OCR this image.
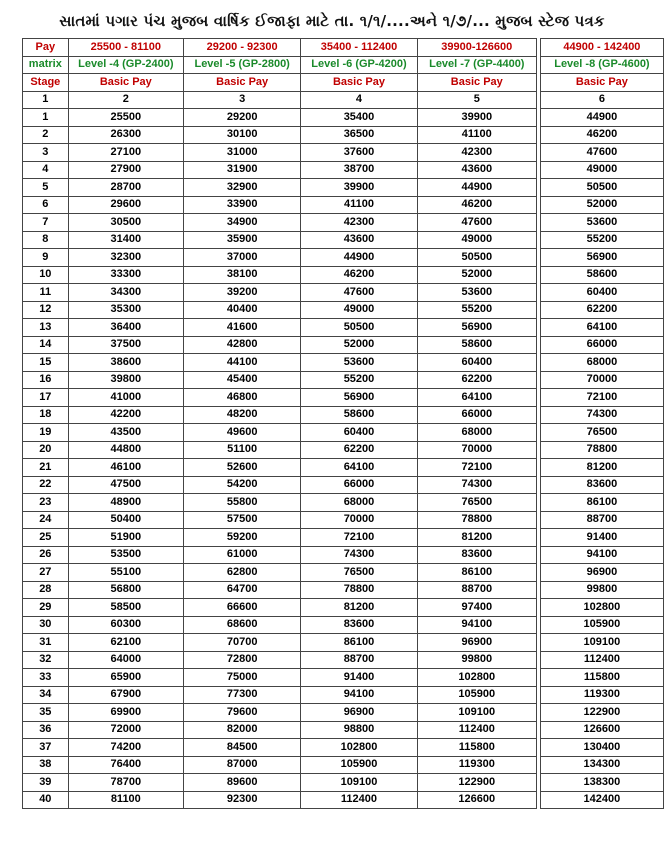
સાતમાં પગાર પંચ મુજબ વાર્ષિક ઈજાફા માટે તા. ૧/૧/....અને ૧/૭/... મુજબ સ્ટેજ પત્રક
Pay	25500 - 81100	29200 - 92300	35400 - 112400	39900-126600		44900 - 142400
matrix	Level -4 (GP-2400)	Level -5 (GP-2800)	Level -6 (GP-4200)	Level -7 (GP-4400)		Level -8 (GP-4600)
Stage	Basic Pay	Basic Pay	Basic Pay	Basic Pay		Basic Pay
1	2	3	4	5		6
1	25500	29200	35400	39900		44900
2	26300	30100	36500	41100		46200
3	27100	31000	37600	42300		47600
4	27900	31900	38700	43600		49000
5	28700	32900	39900	44900		50500
6	29600	33900	41100	46200		52000
7	30500	34900	42300	47600		53600
8	31400	35900	43600	49000		55200
9	32300	37000	44900	50500		56900
10	33300	38100	46200	52000		58600
11	34300	39200	47600	53600		60400
12	35300	40400	49000	55200		62200
13	36400	41600	50500	56900		64100
14	37500	42800	52000	58600		66000
15	38600	44100	53600	60400		68000
16	39800	45400	55200	62200		70000
17	41000	46800	56900	64100		72100
18	42200	48200	58600	66000		74300
19	43500	49600	60400	68000		76500
20	44800	51100	62200	70000		78800
21	46100	52600	64100	72100		81200
22	47500	54200	66000	74300		83600
23	48900	55800	68000	76500		86100
24	50400	57500	70000	78800		88700
25	51900	59200	72100	81200		91400
26	53500	61000	74300	83600		94100
27	55100	62800	76500	86100		96900
28	56800	64700	78800	88700		99800
29	58500	66600	81200	97400		102800
30	60300	68600	83600	94100		105900
31	62100	70700	86100	96900		109100
32	64000	72800	88700	99800		112400
33	65900	75000	91400	102800		115800
34	67900	77300	94100	105900		119300
35	69900	79600	96900	109100		122900
36	72000	82000	98800	112400		126600
37	74200	84500	102800	115800		130400
38	76400	87000	105900	119300		134300
39	78700	89600	109100	122900		138300
40	81100	92300	112400	126600		142400
